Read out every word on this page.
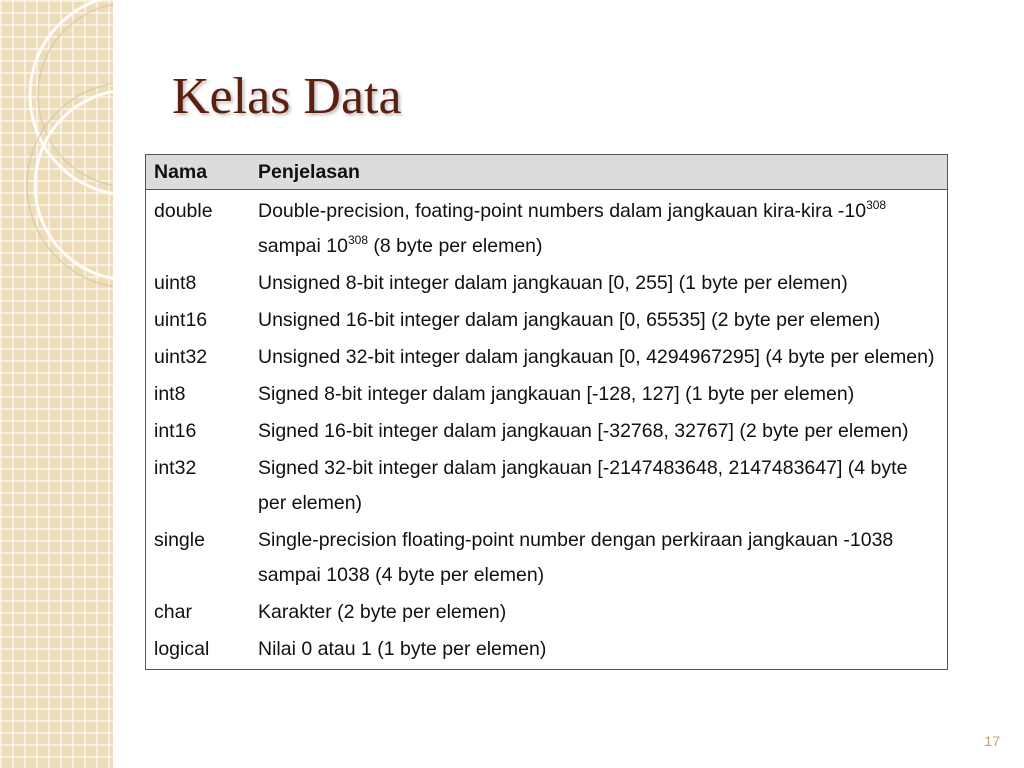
Kelas Data
Nama	Penjelasan
double	Double-precision, foating-point numbers dalam jangkauan kira-kira $-10^{308}$ sampai $10^{308}$ (8 byte per elemen)
uint8	Unsigned 8-bit integer dalam jangkauan [0, 255] (1 byte per elemen)
uint16	Unsigned 16-bit integer dalam jangkauan [0, 65535] (2 byte per elemen)
uint32	Unsigned 32-bit integer dalam jangkauan [0, 4294967295] (4 byte per elemen)
int8	Signed 8-bit integer dalam jangkauan [-128, 127] (1 byte per elemen)
int16	Signed 16-bit integer dalam jangkauan [-32768, 32767] (2 byte per elemen)
int32	Signed 32-bit integer dalam jangkauan [-2147483648, 2147483647] (4 byte per elemen)
single	Single-precision floating-point number dengan perkiraan jangkauan -1038 sampai 1038 (4 byte per elemen)
char	Karakter (2 byte per elemen)
logical	Nilai 0 atau 1 (1 byte per elemen)
17
